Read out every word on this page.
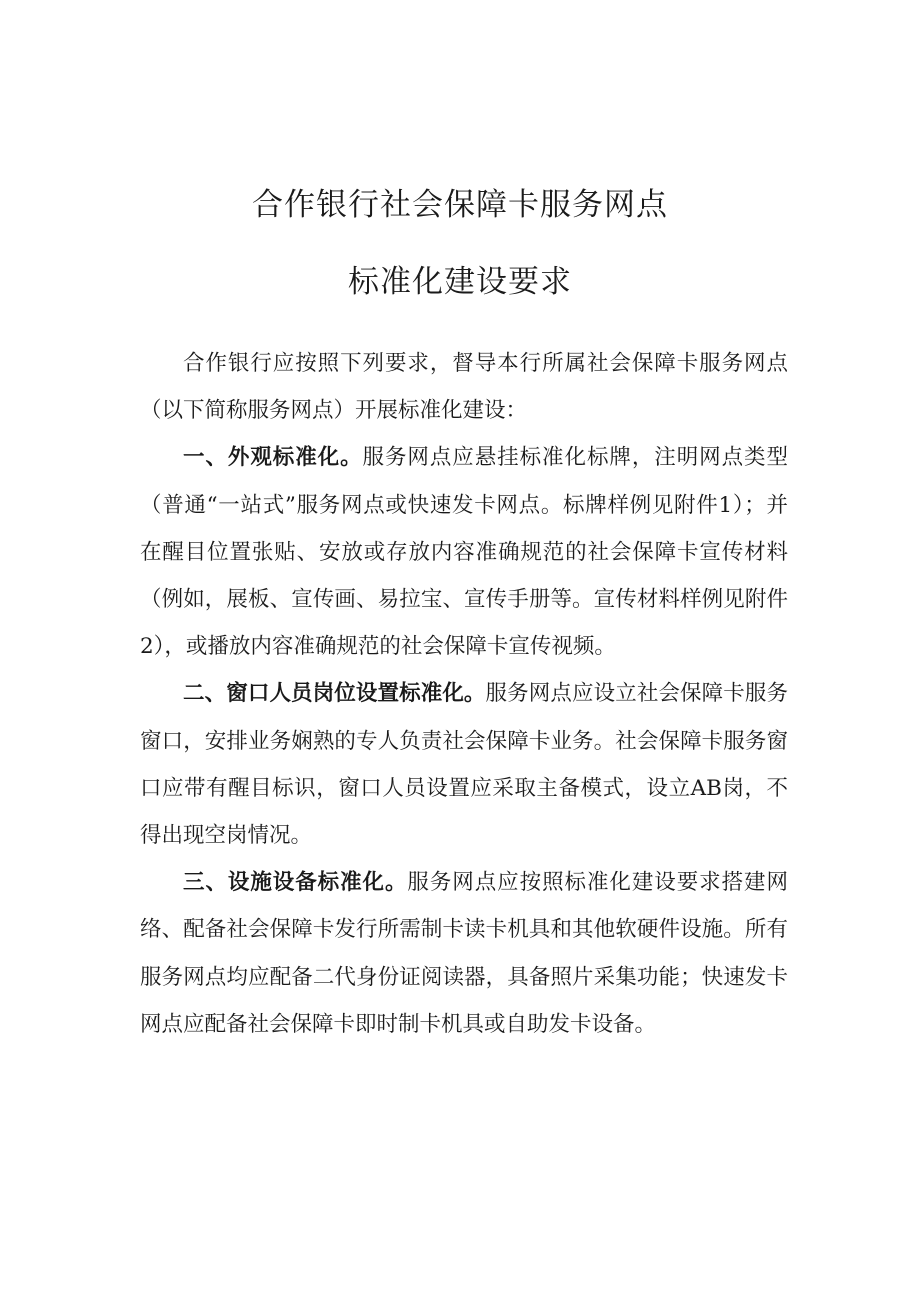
合作银行社会保障卡服务网点
标准化建设要求

合作银行应按照下列要求，督导本行所属社会保障卡服务网点（以下简称服务网点）开展标准化建设：

一、外观标准化。服务网点应悬挂标准化标牌，注明网点类型（普通“一站式”服务网点或快速发卡网点。标牌样例见附件1）；并在醒目位置张贴、安放或存放内容准确规范的社会保障卡宣传材料（例如，展板、宣传画、易拉宝、宣传手册等。宣传材料样例见附件2），或播放内容准确规范的社会保障卡宣传视频。

二、窗口人员岗位设置标准化。服务网点应设立社会保障卡服务窗口，安排业务娴熟的专人负责社会保障卡业务。社会保障卡服务窗口应带有醒目标识，窗口人员设置应采取主备模式，设立AB岗，不得出现空岗情况。

三、设施设备标准化。服务网点应按照标准化建设要求搭建网络、配备社会保障卡发行所需制卡读卡机具和其他软硬件设施。所有服务网点均应配备二代身份证阅读器，具备照片采集功能；快速发卡网点应配备社会保障卡即时制卡机具或自助发卡设备。
